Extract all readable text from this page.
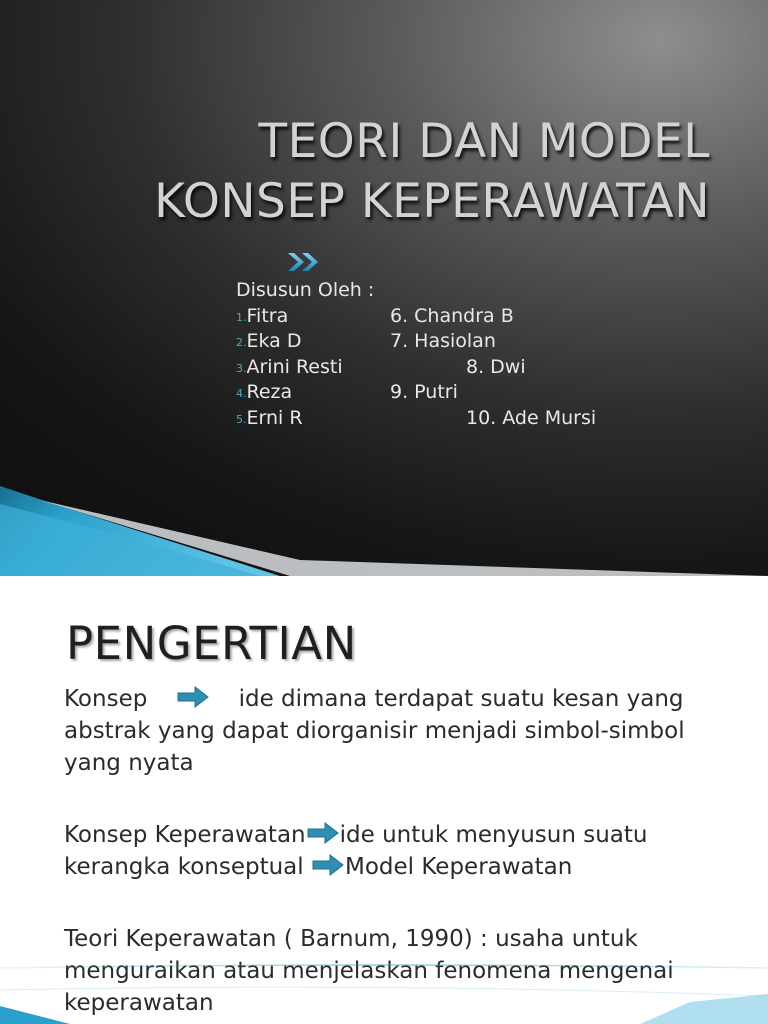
TEORI DAN MODEL
KONSEP KEPERAWATAN
Disusun Oleh :
1.Fitra	6. Chandra B
2.Eka D	7. Hasiolan
3.Arini Resti	8. Dwi
4.Reza	9. Putri
5.Erni R	10. Ade Mursi
PENGERTIAN

Konsep	ide dimana terdapat suatu kesan yang abstrak yang dapat diorganisir menjadi simbol-simbol yang nyata

Konsep Keperawatan ide untuk menyusun suatu kerangka konseptual Model Keperawatan

Teori Keperawatan ( Barnum, 1990) : usaha untuk menguraikan atau menjelaskan fenomena mengenai keperawatan
